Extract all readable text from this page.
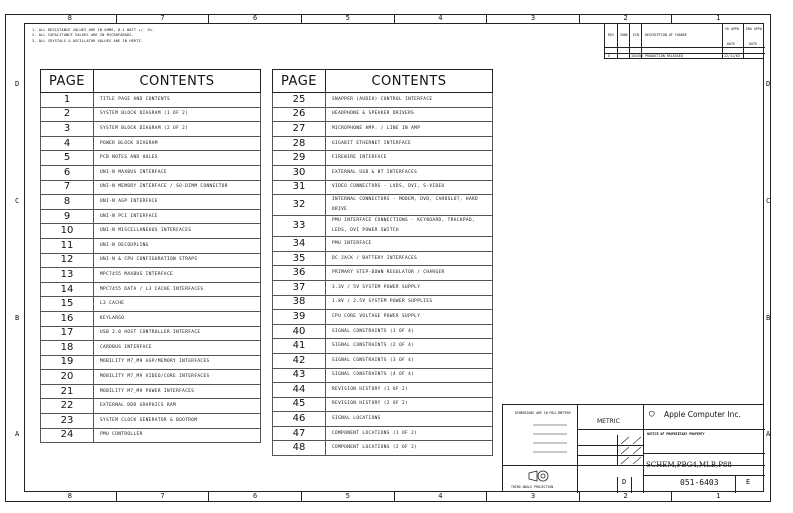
8	7	6	5	4	3	2	1
8	7	6	5	4	3	2	1
D
C
B
A
D
C
B
A
1. ALL RESISTANCE VALUES ARE IN OHMS, 0.1 WATT +/- 5%.
2. ALL CAPACITANCE VALUES ARE IN MICROFARADS.
3. ALL CRYSTALS & OSCILLATOR VALUES ARE IN HERTZ.
PAGE	CONTENTS
1	TITLE PAGE AND CONTENTS
2	SYSTEM BLOCK DIAGRAM (1 OF 2)
3	SYSTEM BLOCK DIAGRAM (2 OF 2)
4	POWER BLOCK DIAGRAM
5	PCB NOTES AND HOLES
6	UNI-N MAXBUS INTERFACE
7	UNI-N MEMORY INTERFACE / SO-DIMM CONNECTOR
8	UNI-N AGP INTERFACE
9	UNI-N PCI INTERFACE
10	UNI-N MISCELLANEOUS INTERFACES
11	UNI-N DECOUPLING
12	UNI-N & CPU CONFIGURATION STRAPS
13	MPC7455 MAXBUS INTERFACE
14	MPC7455 DATA / L3 CACHE INTERFACES
15	L3 CACHE
16	KEYLARGO
17	USB 2.0 HOST CONTROLLER INTERFACE
18	CARDBUS INTERFACE
19	MOBILITY M7_M9 AGP/MEMORY INTERFACES
20	MOBILITY M7_M9 VIDEO/CORE INTERFACES
21	MOBILITY M7_M9 POWER INTERFACES
22	EXTERNAL DDR GRAPHICS RAM
23	SYSTEM CLOCK GENERATOR & BOOTROM
24	PMU CONTROLLER
PAGE	CONTENTS
25	SNAPPER (AUDIO) CONTROL INTERFACE
26	HEADPHONE & SPEAKER DRIVERS
27	MICROPHONE AMP. / LINE IN AMP
28	GIGABIT ETHERNET INTERFACE
29	FIREWIRE INTERFACE
30	EXTERNAL USB & BT INTERFACES
31	VIDEO CONNECTORS - LVDS, DVI, S-VIDEO
32	INTERNAL CONNECTORS - MODEM, DVD, CARDSLOT, HARD DRIVE
33	PMU INTERFACE CONNECTIONS - KEYBOARD, TRACKPAD, LEDS, DVI POWER SWITCH
34	PMU INTERFACE
35	DC JACK / BATTERY INTERFACES
36	PRIMARY STEP-DOWN REGULATOR / CHARGER
37	3.3V / 5V SYSTEM POWER SUPPLY
38	1.8V / 2.5V SYSTEM POWER SUPPLIES
39	CPU CORE VOLTAGE POWER SUPPLY
40	SIGNAL CONSTRAINTS (1 OF 4)
41	SIGNAL CONSTRAINTS (2 OF 4)
42	SIGNAL CONSTRAINTS (3 OF 4)
43	SIGNAL CONSTRAINTS (4 OF 4)
44	REVISION HISTORY (1 OF 2)
45	REVISION HISTORY (2 OF 2)
46	SIGNAL LOCATIONS
47	COMPONENT LOCATIONS (1 OF 2)
48	COMPONENT LOCATIONS (2 OF 2)
REV ZONE ECN DESCRIPTION OF CHANGE
CK APPD ENG APPD
DATE	DATE
E	163456 PRODUCTION RELEASED	12/11/03
DIMENSIONS ARE IN MILLIMETERS
NOTICE OF PROPRIETARY PROPERTY
THIRD ANGLE PROJECTION
METRIC
◯ Apple Computer Inc.
SCHEM,PBG4,MLB,P88
D	051-6403	E
